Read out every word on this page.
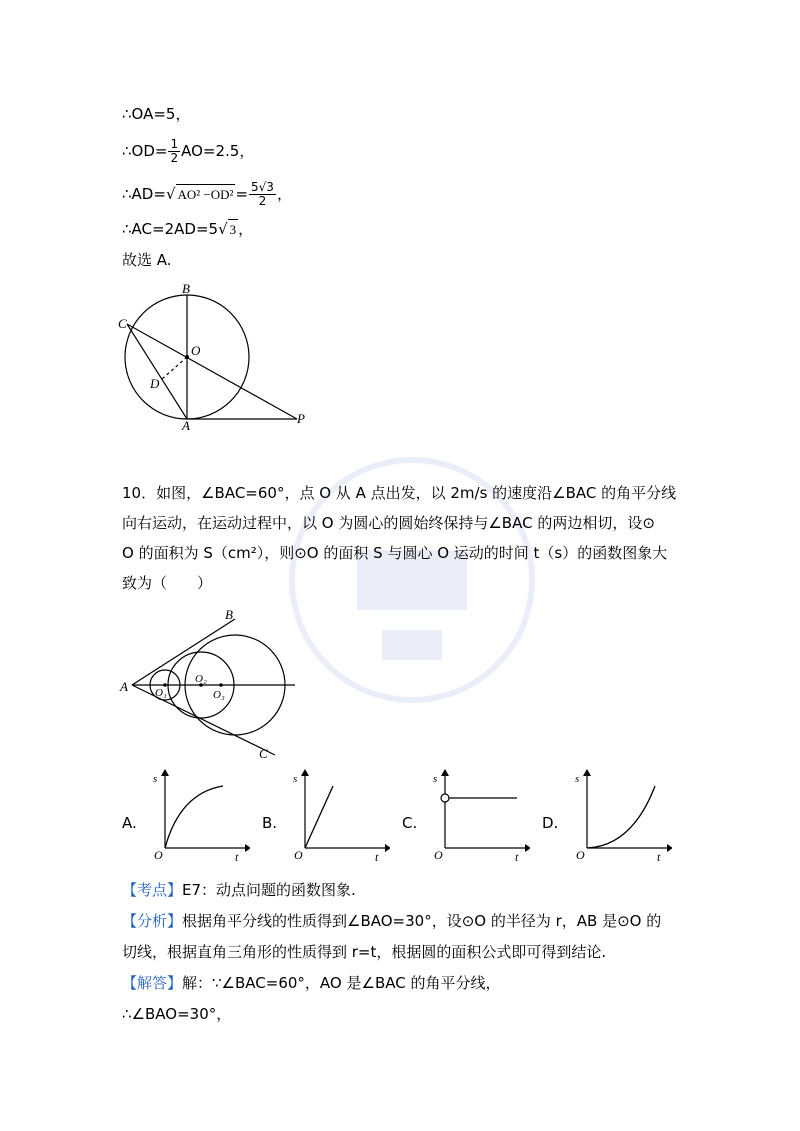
∴OA=5，
∴OD= $\frac{1}{2} AO=2.5$，
∴AD=√ $AO^2 -OD^2 = \frac{5√3}{2}$ ，
∴AC=2AD=5√ 3 ，
故选 A.
B
C
O
D
A	P
10．如图，∠BAC=60°，点 O 从 A 点出发，以 2m/s 的速度沿∠BAC 的角平分线
向右运动，在运动过程中，以 O 为圆心的圆始终保持与∠BAC 的两边相切，设⊙
O 的面积为 S（cm²），则⊙O 的面积 S 与圆心 O 运动的时间 t（s）的函数图象大
致为（　　）
A
B
C
O₁
O₂
O₃
A.
O	t
s
B.
O	t
s
C.
O	t
s
D.
O	t
s
【考点】E7：动点问题的函数图象.
【分析】根据角平分线的性质得到∠BAO=30°，设⊙O 的半径为 r，AB 是⊙O 的
切线，根据直角三角形的性质得到 r=t，根据圆的面积公式即可得到结论.
【解答】解：∵∠BAC=60°，AO 是∠BAC 的角平分线，
∴∠BAO=30°，
